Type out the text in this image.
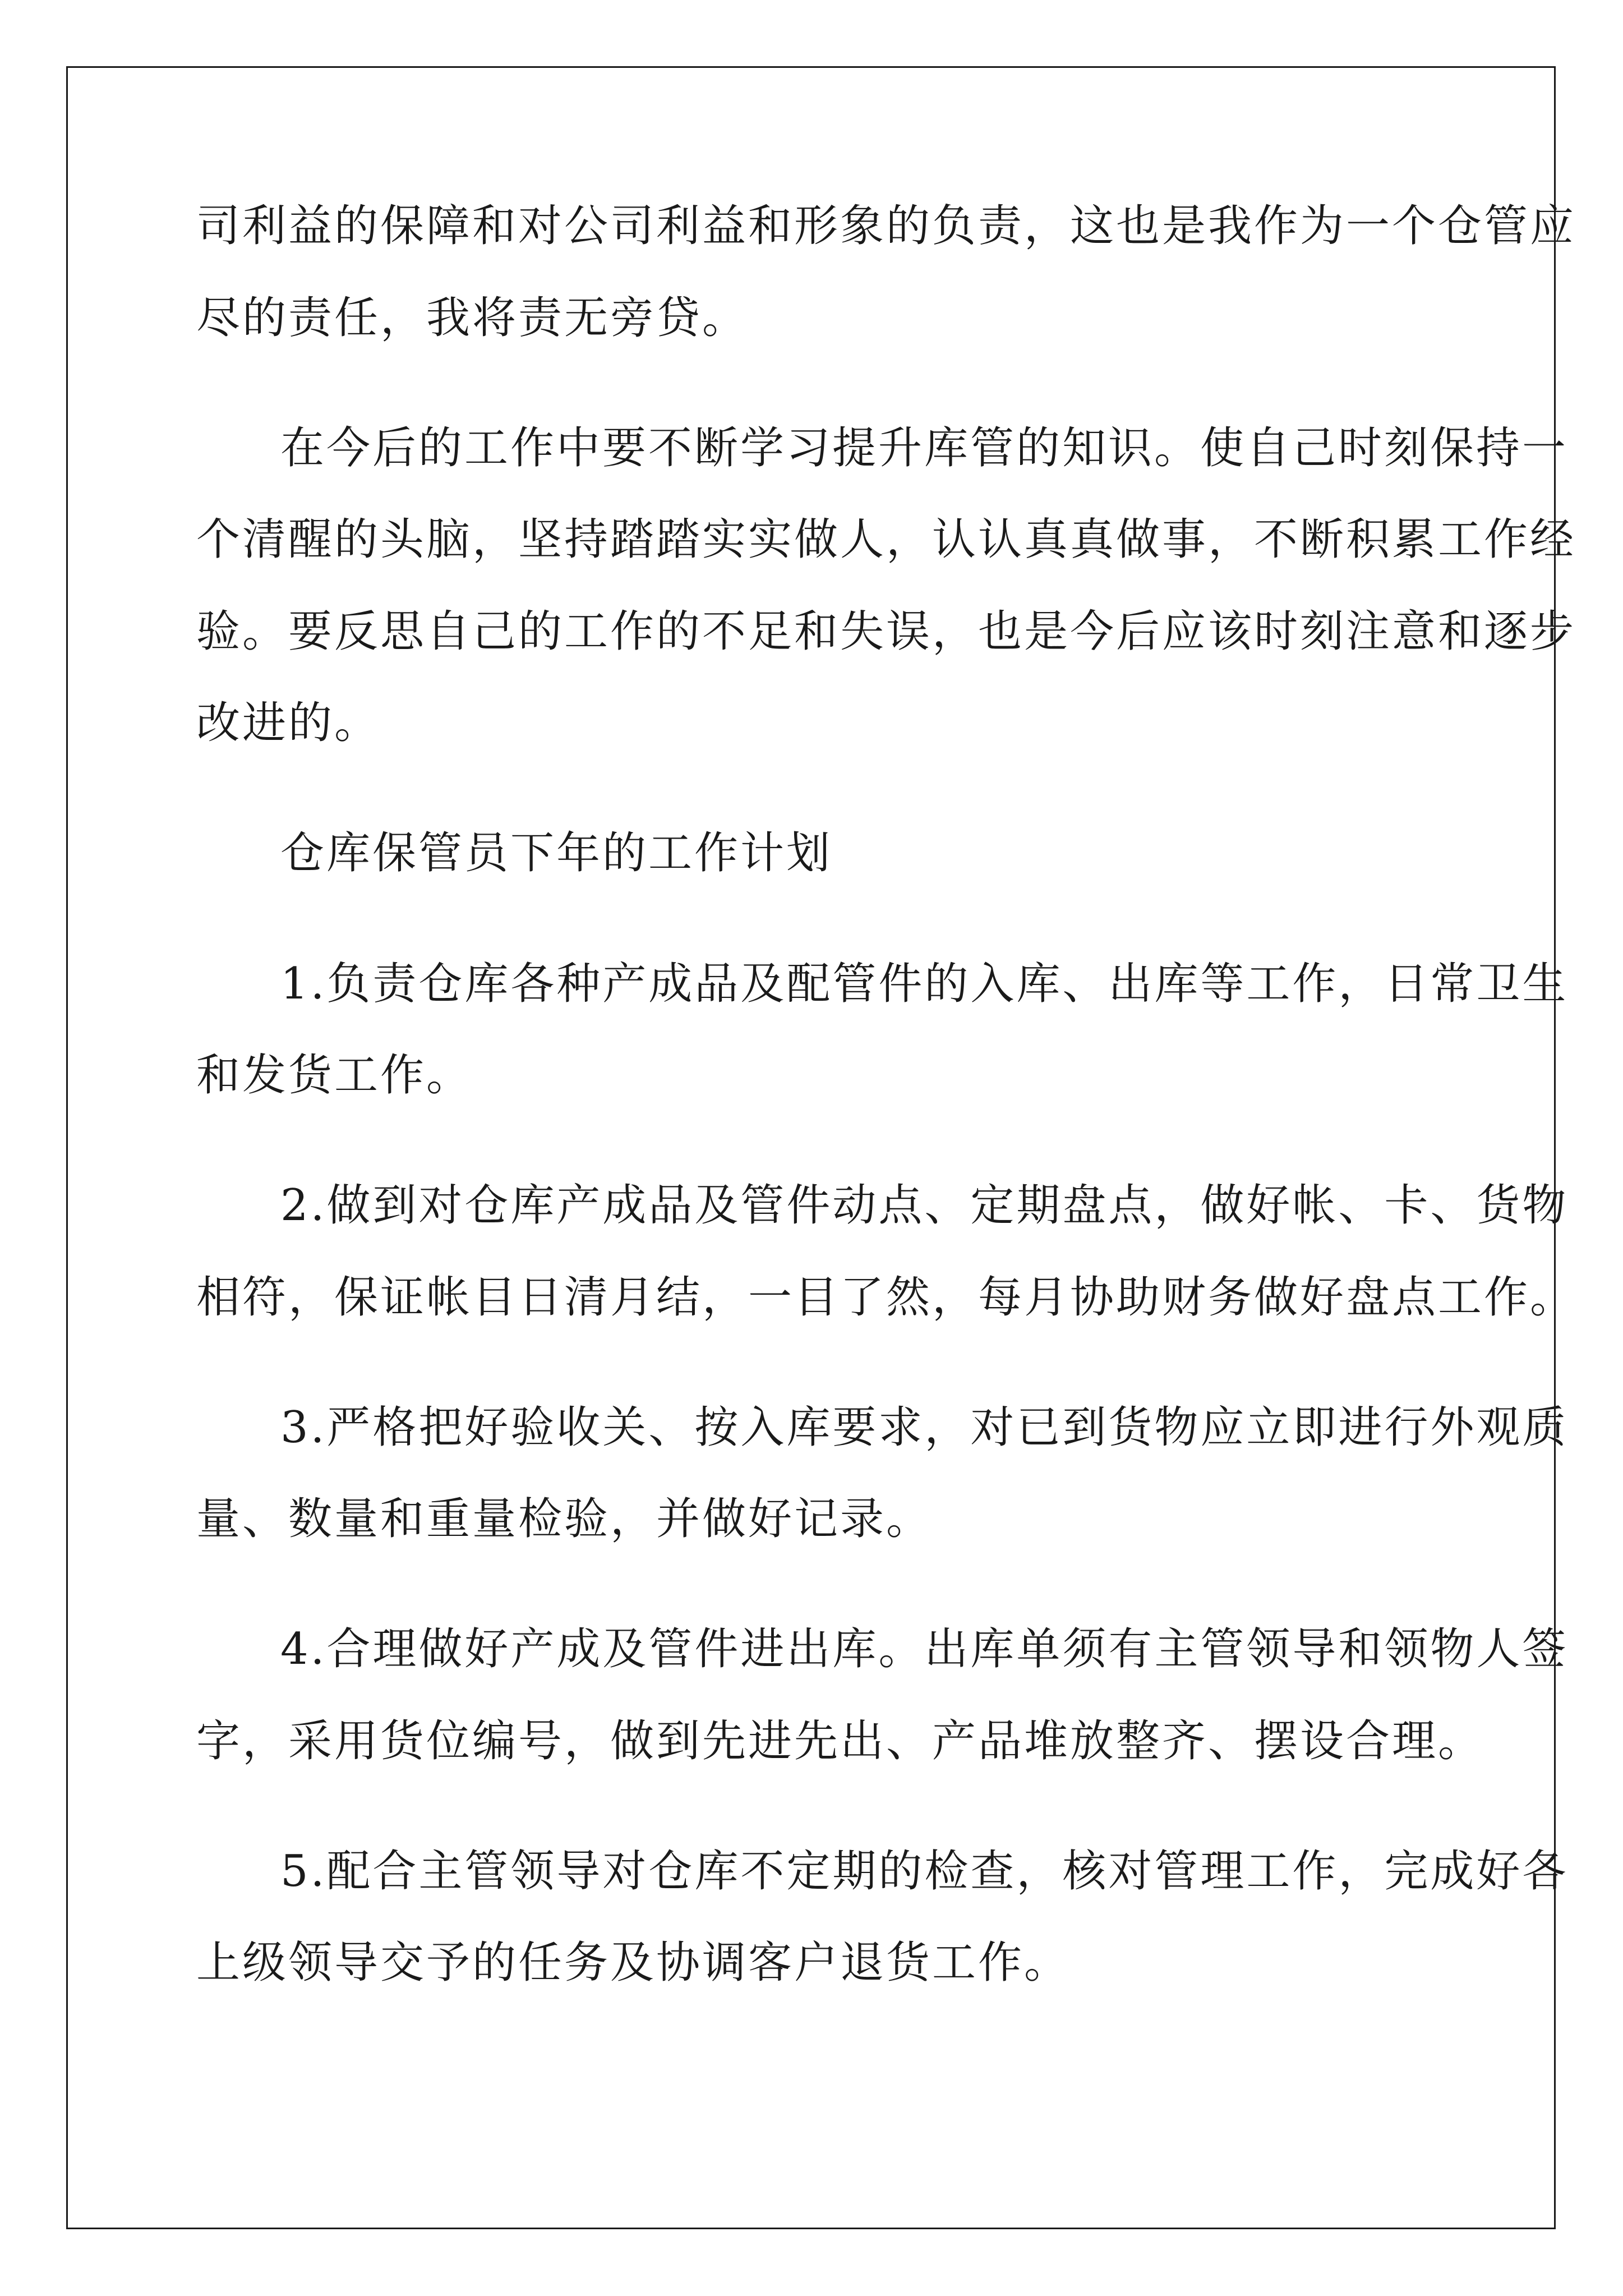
司利益的保障和对公司利益和形象的负责，这也是我作为一个仓管应
尽的责任，我将责无旁贷。
在今后的工作中要不断学习提升库管的知识。使自己时刻保持一
个清醒的头脑，坚持踏踏实实做人，认认真真做事，不断积累工作经
验。要反思自己的工作的不足和失误，也是今后应该时刻注意和逐步
改进的。
仓库保管员下年的工作计划
1.负责仓库各种产成品及配管件的入库、出库等工作，日常卫生
和发货工作。
2.做到对仓库产成品及管件动点、定期盘点，做好帐、卡、货物
相符，保证帐目日清月结，一目了然，每月协助财务做好盘点工作。
3.严格把好验收关、按入库要求，对已到货物应立即进行外观质
量、数量和重量检验，并做好记录。
4.合理做好产成及管件进出库。出库单须有主管领导和领物人签
字，采用货位编号，做到先进先出、产品堆放整齐、摆设合理。
5.配合主管领导对仓库不定期的检查，核对管理工作，完成好各
上级领导交予的任务及协调客户退货工作。
